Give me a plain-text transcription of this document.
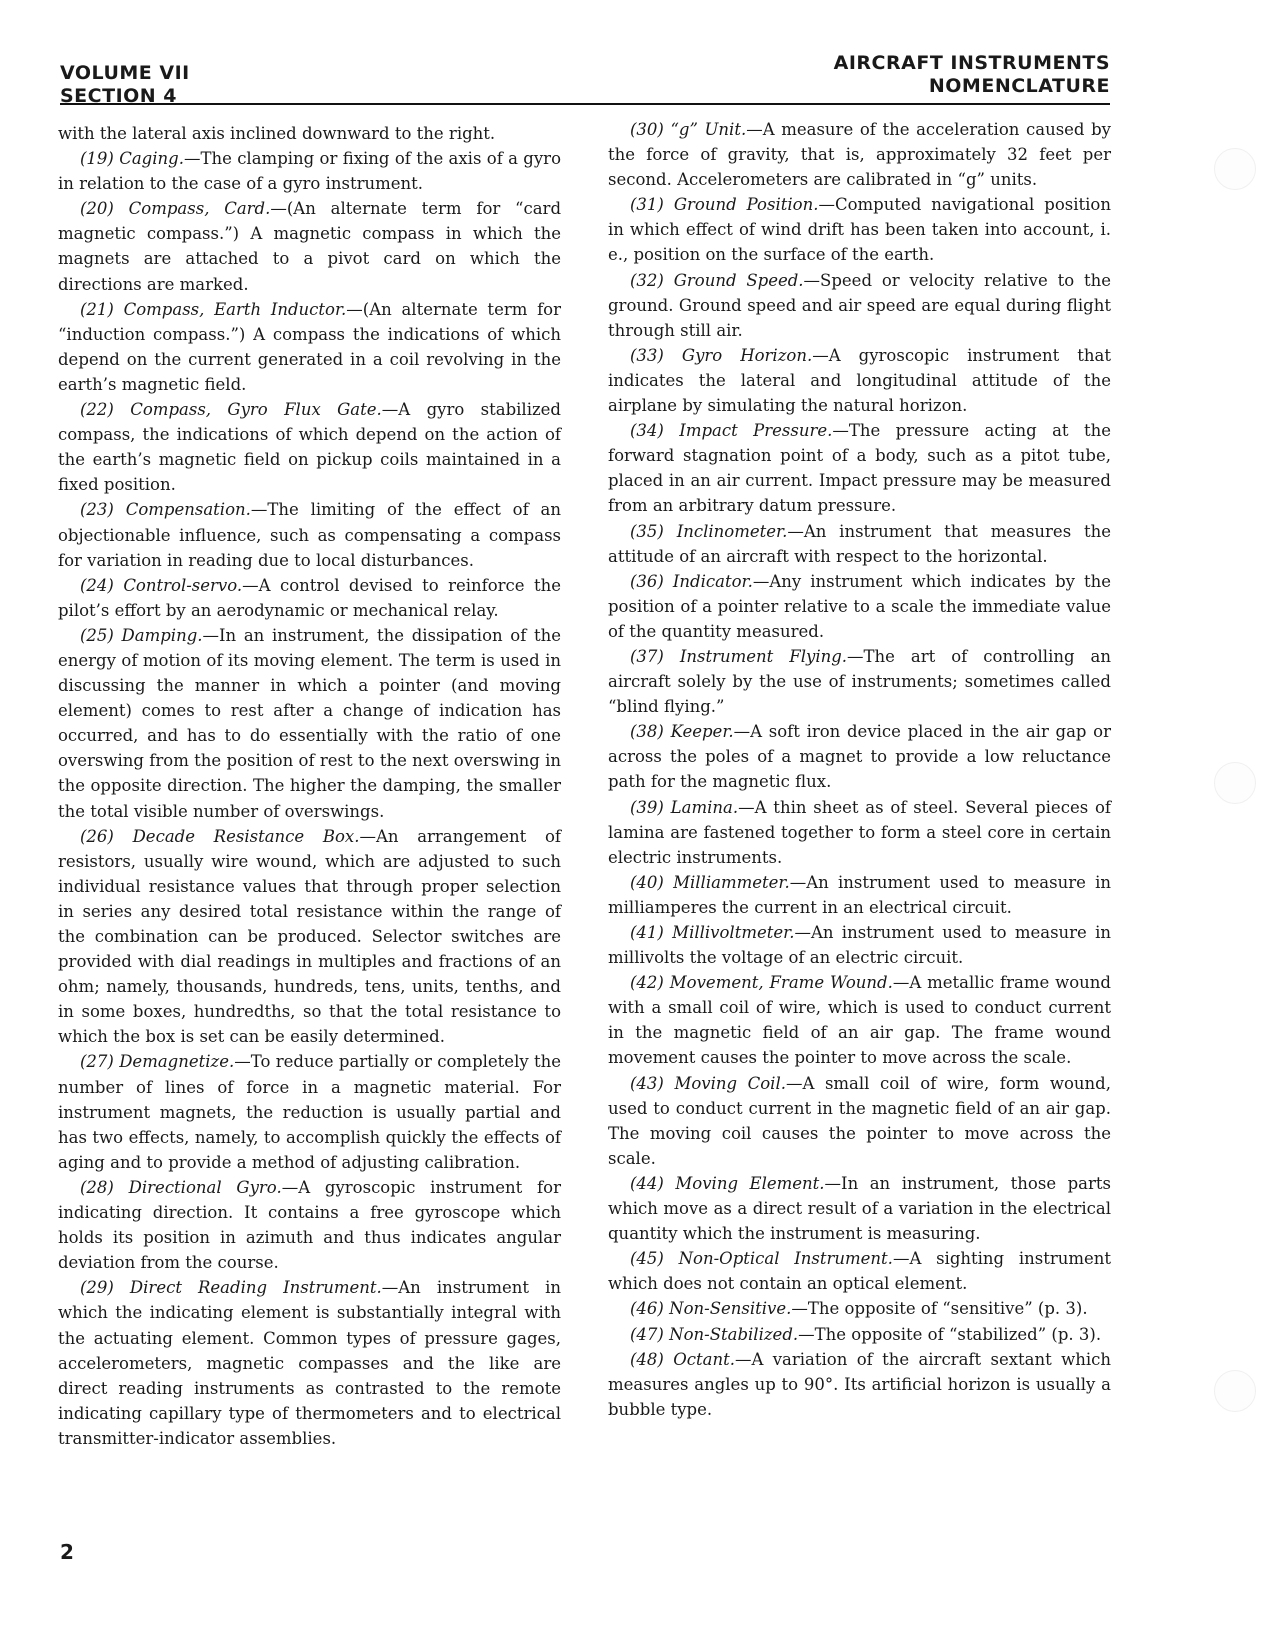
VOLUME VII
SECTION 4
AIRCRAFT INSTRUMENTS
NOMENCLATURE

with the lateral axis inclined downward to the right.

(19) Caging.—The clamping or fixing of the axis of a gyro in relation to the case of a gyro instrument.

(20) Compass, Card.—(An alternate term for “card magnetic compass.”) A magnetic compass in which the magnets are attached to a pivot card on which the directions are marked.

(21) Compass, Earth Inductor.—(An alternate term for “induction compass.”) A compass the indications of which depend on the current generated in a coil revolving in the earth’s magnetic field.

(22) Compass, Gyro Flux Gate.—A gyro stabilized compass, the indications of which depend on the action of the earth’s magnetic field on pickup coils maintained in a fixed position.

(23) Compensation.—The limiting of the effect of an objectionable influence, such as compensating a compass for variation in reading due to local disturbances.

(24) Control-servo.—A control devised to reinforce the pilot’s effort by an aerodynamic or mechanical relay.

(25) Damping.—In an instrument, the dissipation of the energy of motion of its moving element. The term is used in discussing the manner in which a pointer (and moving element) comes to rest after a change of indication has occurred, and has to do essentially with the ratio of one overswing from the position of rest to the next overswing in the opposite direction. The higher the damping, the smaller the total visible number of overswings.

(26) Decade Resistance Box.—An arrangement of resistors, usually wire wound, which are adjusted to such individual resistance values that through proper selection in series any desired total resistance within the range of the combination can be produced. Selector switches are provided with dial readings in multiples and fractions of an ohm; namely, thousands, hundreds, tens, units, tenths, and in some boxes, hundredths, so that the total resistance to which the box is set can be easily determined.

(27) Demagnetize.—To reduce partially or completely the number of lines of force in a magnetic material. For instrument magnets, the reduction is usually partial and has two effects, namely, to accomplish quickly the effects of aging and to provide a method of adjusting calibration.

(28) Directional Gyro.—A gyroscopic instrument for indicating direction. It contains a free gyroscope which holds its position in azimuth and thus indicates angular deviation from the course.

(29) Direct Reading Instrument.—An instrument in which the indicating element is substantially integral with the actuating element. Common types of pressure gages, accelerometers, magnetic compasses and the like are direct reading instruments as contrasted to the remote indicating capillary type of thermometers and to electrical transmitter-indicator assemblies.

(30) “g” Unit.—A measure of the acceleration caused by the force of gravity, that is, approximately 32 feet per second. Accelerometers are calibrated in “g” units.

(31) Ground Position.—Computed navigational position in which effect of wind drift has been taken into account, i. e., position on the surface of the earth.

(32) Ground Speed.—Speed or velocity relative to the ground. Ground speed and air speed are equal during flight through still air.

(33) Gyro Horizon.—A gyroscopic instrument that indicates the lateral and longitudinal attitude of the airplane by simulating the natural horizon.

(34) Impact Pressure.—The pressure acting at the forward stagnation point of a body, such as a pitot tube, placed in an air current. Impact pressure may be measured from an arbitrary datum pressure.

(35) Inclinometer.—An instrument that measures the attitude of an aircraft with respect to the horizontal.

(36) Indicator.—Any instrument which indicates by the position of a pointer relative to a scale the immediate value of the quantity measured.

(37) Instrument Flying.—The art of controlling an aircraft solely by the use of instruments; sometimes called “blind flying.”

(38) Keeper.—A soft iron device placed in the air gap or across the poles of a magnet to provide a low reluctance path for the magnetic flux.

(39) Lamina.—A thin sheet as of steel. Several pieces of lamina are fastened together to form a steel core in certain electric instruments.

(40) Milliammeter.—An instrument used to measure in milliamperes the current in an electrical circuit.

(41) Millivoltmeter.—An instrument used to measure in millivolts the voltage of an electric circuit.

(42) Movement, Frame Wound.—A metallic frame wound with a small coil of wire, which is used to conduct current in the magnetic field of an air gap. The frame wound movement causes the pointer to move across the scale.

(43) Moving Coil.—A small coil of wire, form wound, used to conduct current in the magnetic field of an air gap. The moving coil causes the pointer to move across the scale.

(44) Moving Element.—In an instrument, those parts which move as a direct result of a variation in the electrical quantity which the instrument is measuring.

(45) Non-Optical Instrument.—A sighting instrument which does not contain an optical element.

(46) Non-Sensitive.—The opposite of “sensitive” (p. 3).

(47) Non-Stabilized.—The opposite of “stabilized” (p. 3).

(48) Octant.—A variation of the aircraft sextant which measures angles up to 90°. Its artificial horizon is usually a bubble type.

2
